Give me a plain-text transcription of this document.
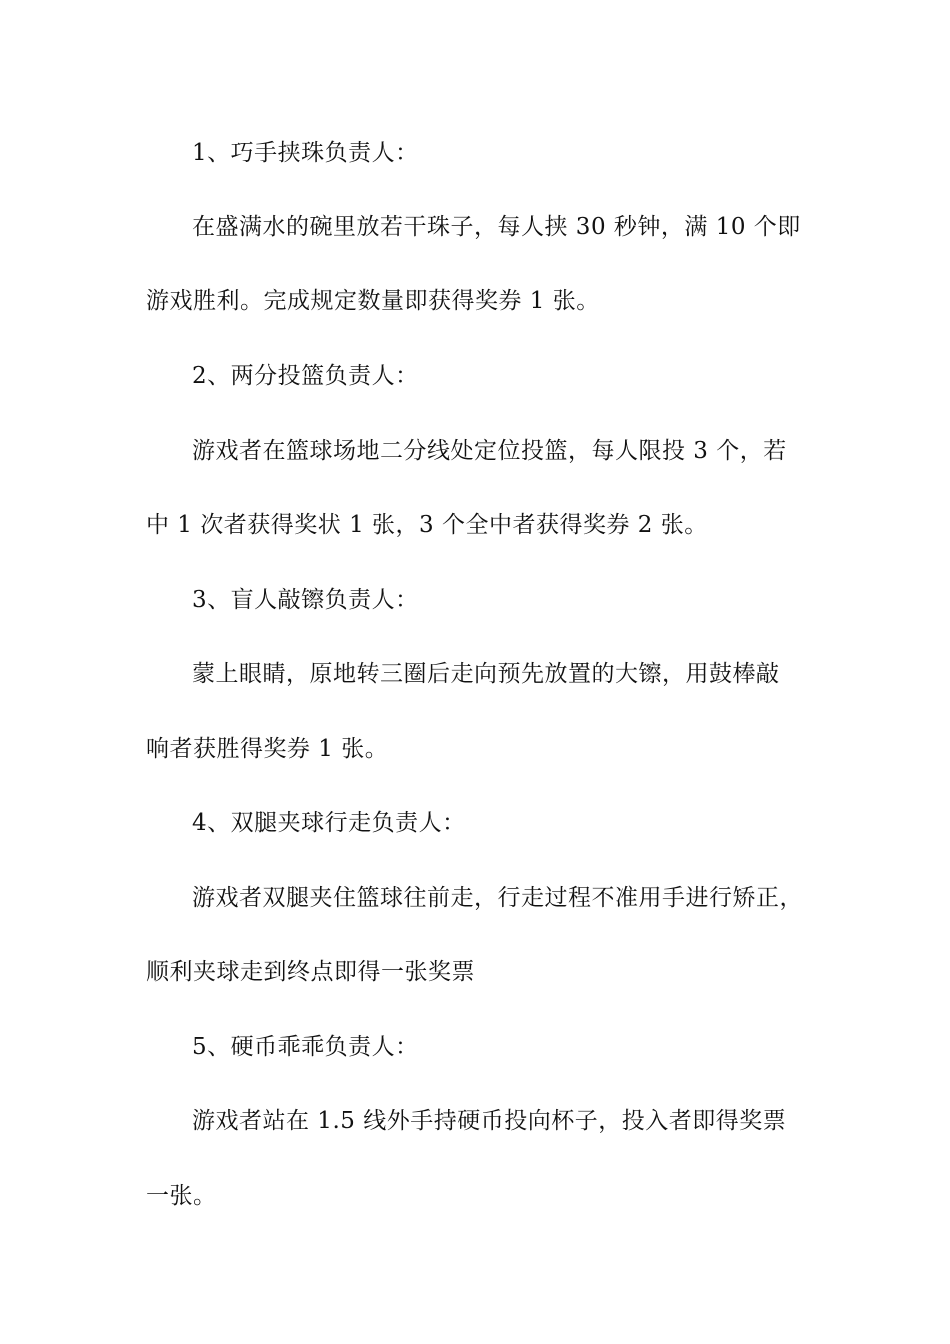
1、巧手挟珠负责人：
在盛满水的碗里放若干珠子，每人挟 30 秒钟，满 10 个即
游戏胜利。完成规定数量即获得奖券 1 张。
2、两分投篮负责人：
游戏者在篮球场地二分线处定位投篮，每人限投 3 个，若
中 1 次者获得奖状 1 张，3 个全中者获得奖券 2 张。
3、盲人敲镲负责人：
蒙上眼睛，原地转三圈后走向预先放置的大镲，用鼓棒敲
响者获胜得奖券 1 张。
4、双腿夹球行走负责人：
游戏者双腿夹住篮球往前走，行走过程不准用手进行矫正，
顺利夹球走到终点即得一张奖票
5、硬币乖乖负责人：
游戏者站在 1.5 线外手持硬币投向杯子，投入者即得奖票
一张。
